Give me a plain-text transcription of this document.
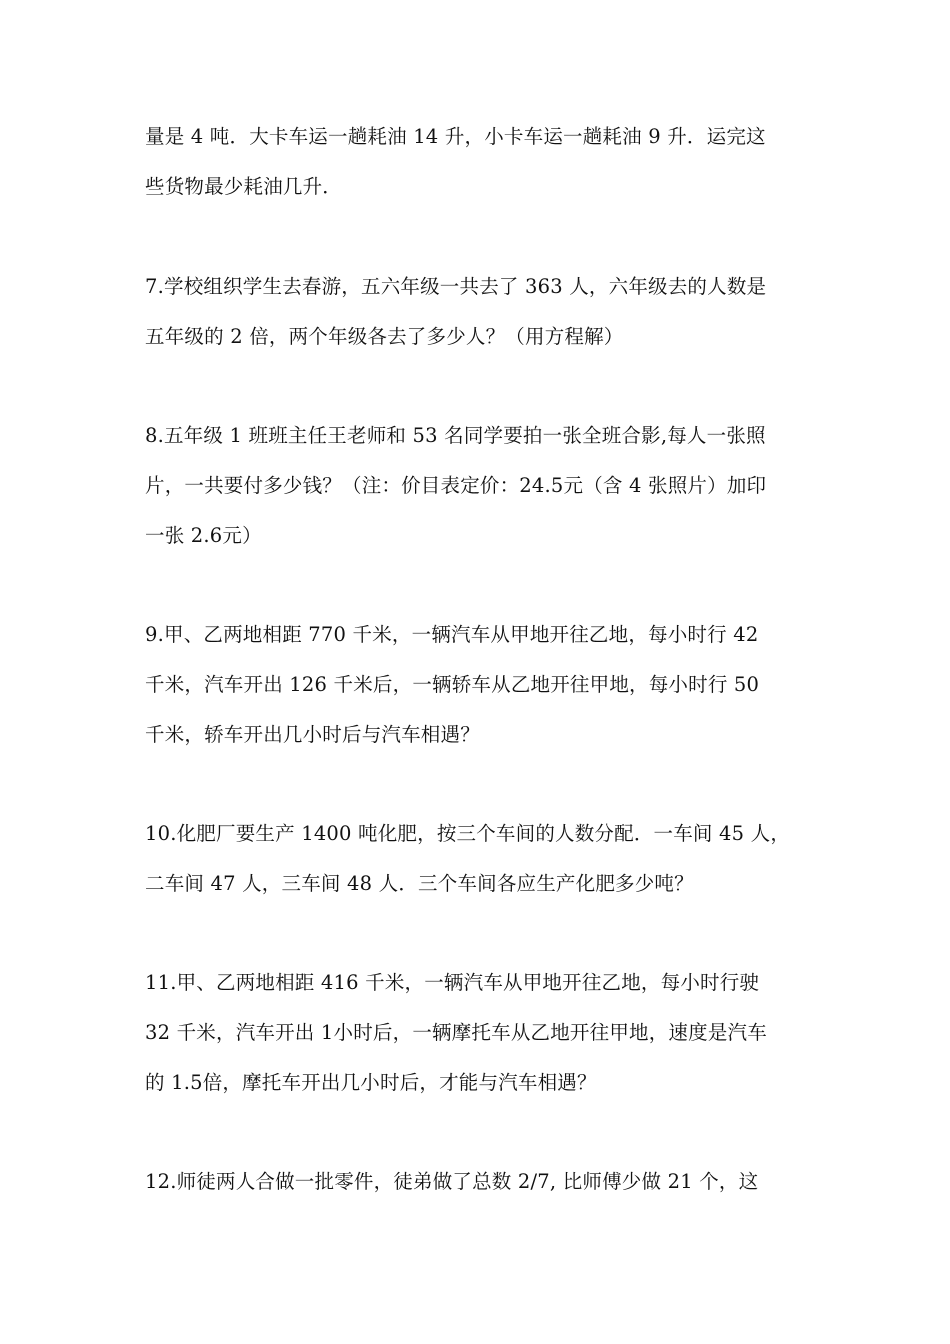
量是 4 吨．大卡车运一趟耗油 14 升，小卡车运一趟耗油 9 升．运完这
些货物最少耗油几升．
7.学校组织学生去春游，五六年级一共去了 363 人，六年级去的人数是
五年级的 2 倍，两个年级各去了多少人？（用方程解）
8.五年级 1 班班主任王老师和 53 名同学要拍一张全班合影,每人一张照
片，一共要付多少钱？（注：价目表定价：24.5元（含 4 张照片）加印
一张 2.6元）
9.甲、乙两地相距 770 千米，一辆汽车从甲地开往乙地，每小时行 42
千米，汽车开出 126 千米后，一辆轿车从乙地开往甲地，每小时行 50
千米，轿车开出几小时后与汽车相遇？
10.化肥厂要生产 1400 吨化肥，按三个车间的人数分配．一车间 45 人，
二车间 47 人，三车间 48 人．三个车间各应生产化肥多少吨？
11.甲、乙两地相距 416 千米，一辆汽车从甲地开往乙地，每小时行驶
32 千米，汽车开出 1小时后，一辆摩托车从乙地开往甲地，速度是汽车
的 1.5倍，摩托车开出几小时后，才能与汽车相遇？
12.师徒两人合做一批零件，徒弟做了总数 2/7, 比师傅少做 21 个，这
